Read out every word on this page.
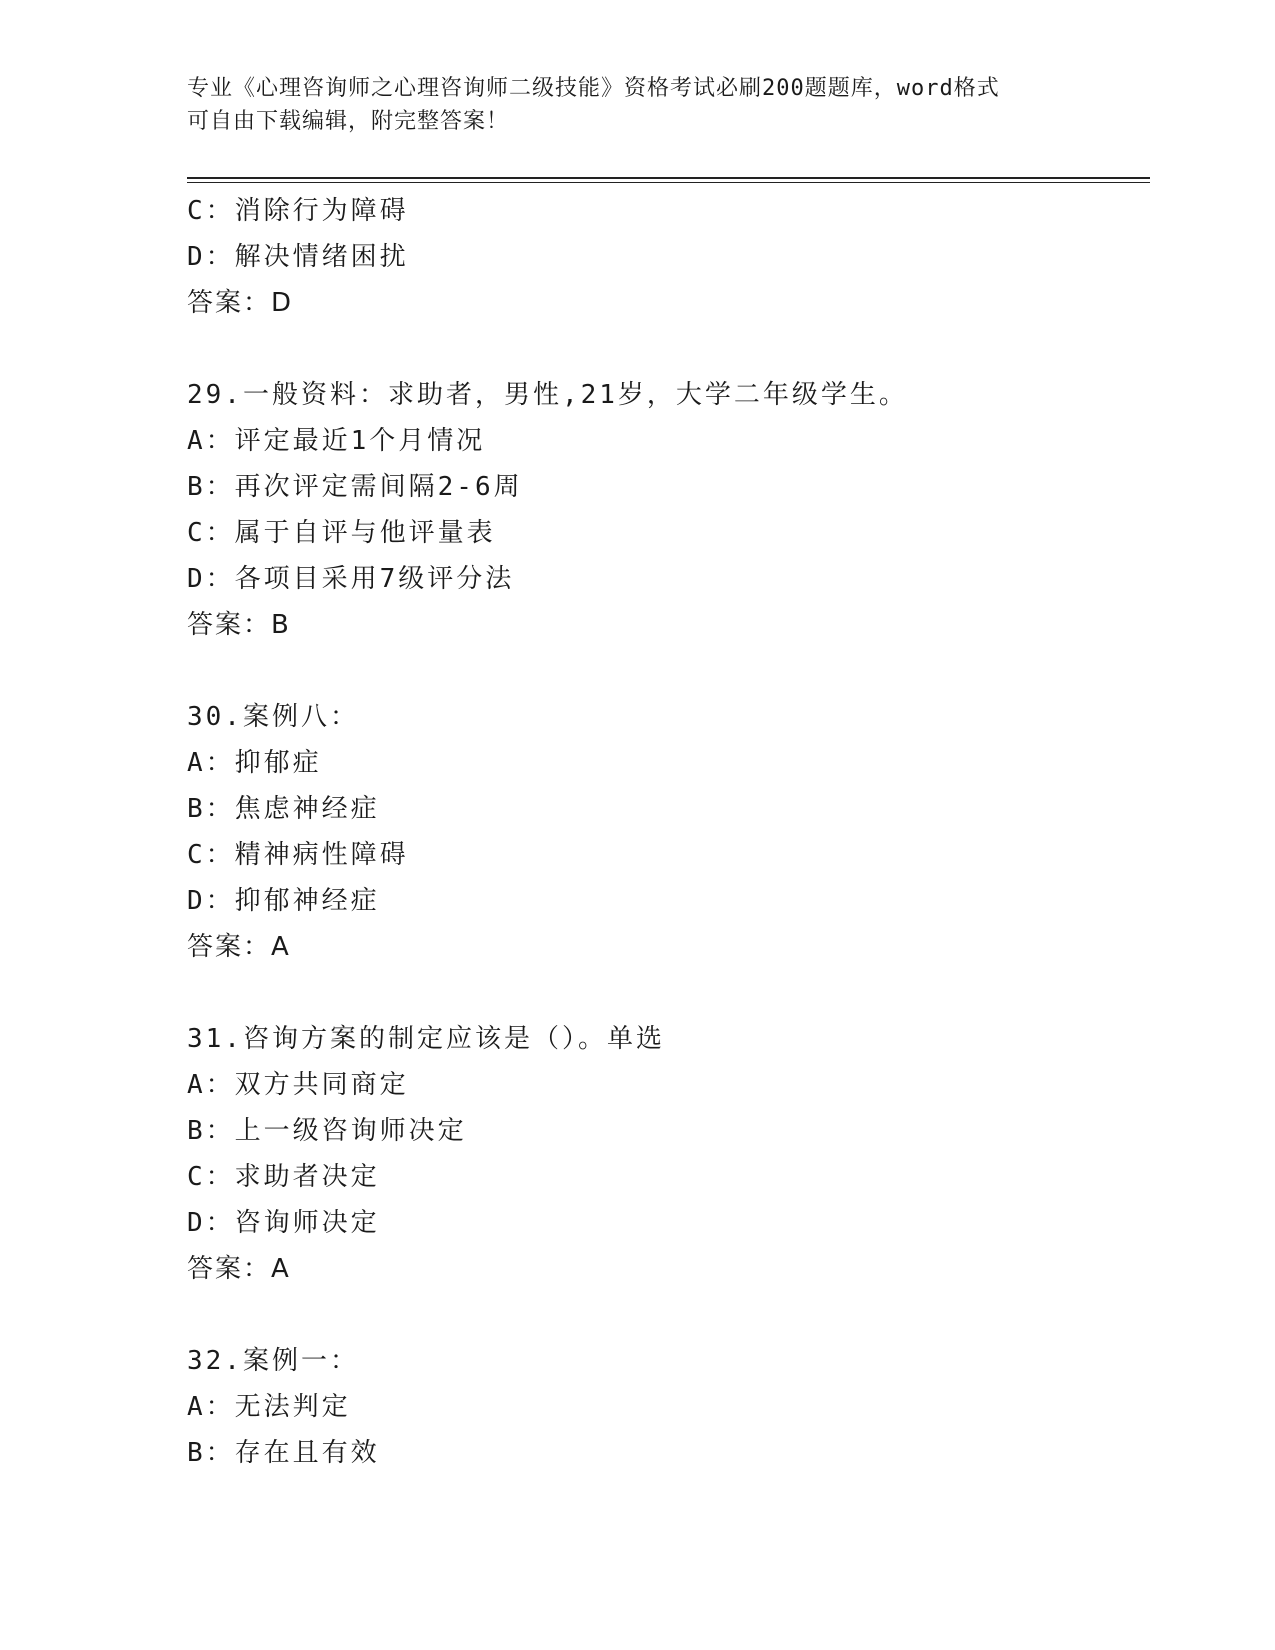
专业《心理咨询师之心理咨询师二级技能》资格考试必刷200题题库，word格式
可自由下载编辑，附完整答案！
C：消除行为障碍
D：解决情绪困扰
答案：D
29.一般资料：求助者，男性,21岁，大学二年级学生。
A：评定最近1个月情况
B：再次评定需间隔2-6周
C：属于自评与他评量表
D：各项目采用7级评分法
答案：B
30.案例八：
A：抑郁症
B：焦虑神经症
C：精神病性障碍
D：抑郁神经症
答案：A
31.咨询方案的制定应该是（）。单选
A：双方共同商定
B：上一级咨询师决定
C：求助者决定
D：咨询师决定
答案：A
32.案例一：
A：无法判定
B：存在且有效
